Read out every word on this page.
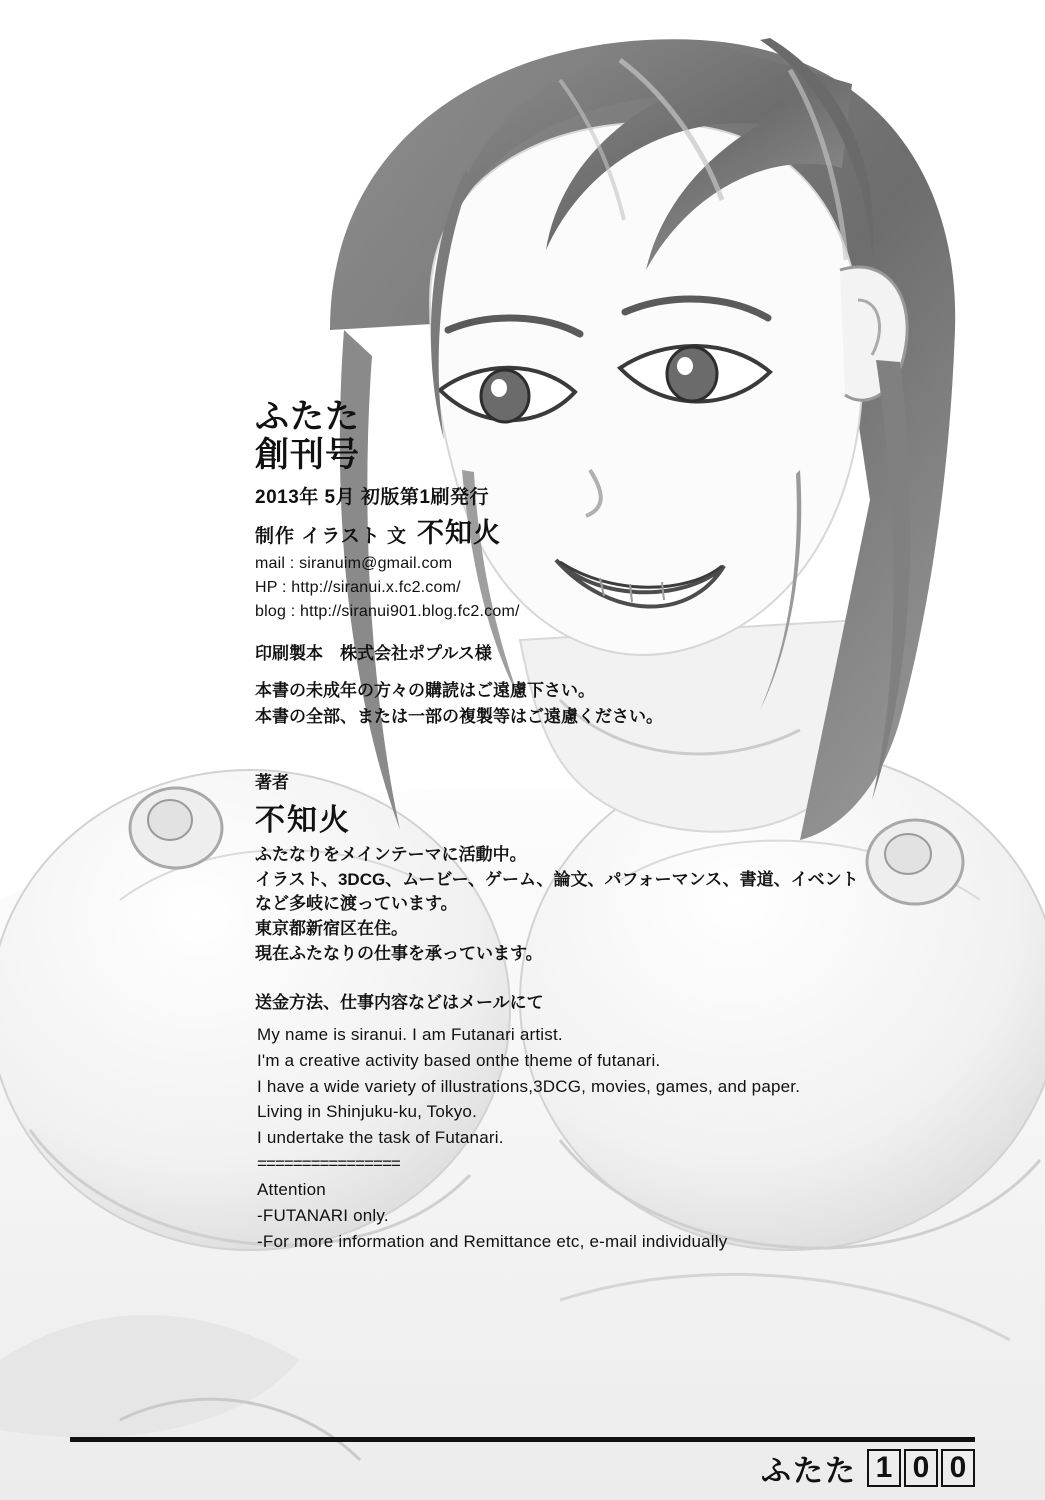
ふたた
創刊号
2013年 5月 初版第1刷発行
制作 イラスト 文 不知火
mail : siranuim@gmail.com
HP : http://siranui.x.fc2.com/
blog : http://siranui901.blog.fc2.com/
印刷製本　株式会社ポプルス様
本書の未成年の方々の購読はご遠慮下さい。
本書の全部、または一部の複製等はご遠慮ください。
著者
不知火
ふたなりをメインテーマに活動中。
イラスト、3DCG、ムービー、ゲーム、論文、パフォーマンス、書道、イベント
など多岐に渡っています。
東京都新宿区在住。
現在ふたなりの仕事を承っています。
送金方法、仕事内容などはメールにて
My name is siranui. I am Futanari artist.
I'm a creative activity based onthe theme of futanari.
I have a wide variety of illustrations,3DCG, movies, games, and paper.
Living in Shinjuku-ku, Tokyo.
I undertake the task of Futanari.
================
Attention
-FUTANARI only.
-For more information and Remittance etc, e-mail individually
ふたた 1 0 0
